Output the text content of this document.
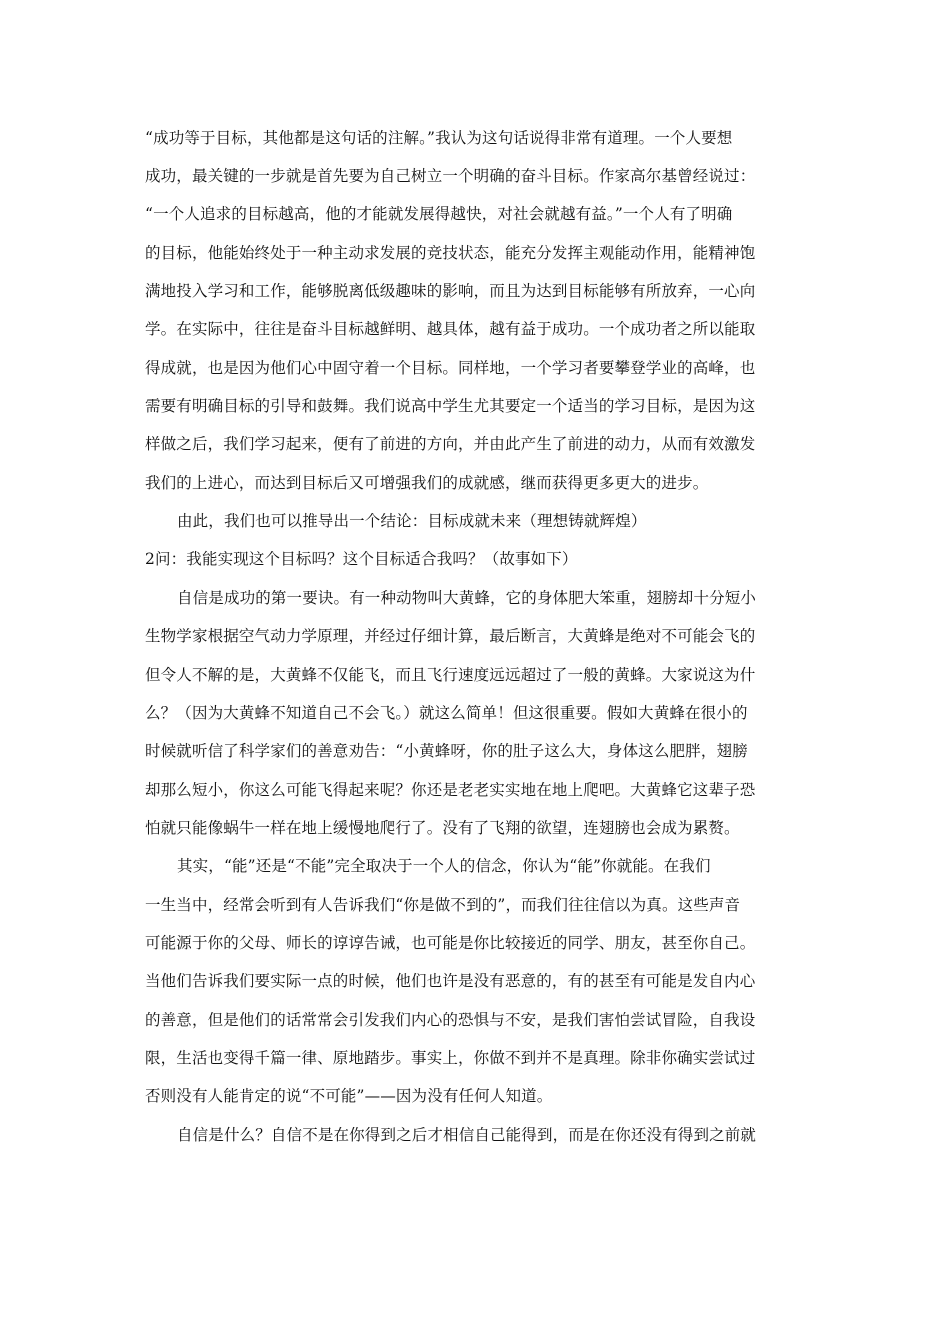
“成功等于目标，其他都是这句话的注解。”我认为这句话说得非常有道理。一个人要想
成功，最关键的一步就是首先要为自己树立一个明确的奋斗目标。作家高尔基曾经说过：
“一个人追求的目标越高，他的才能就发展得越快，对社会就越有益。”一个人有了明确
的目标，他能始终处于一种主动求发展的竞技状态，能充分发挥主观能动作用，能精神饱
满地投入学习和工作，能够脱离低级趣味的影响，而且为达到目标能够有所放弃，一心向
学。在实际中，往往是奋斗目标越鲜明、越具体，越有益于成功。一个成功者之所以能取
得成就，也是因为他们心中固守着一个目标。同样地，一个学习者要攀登学业的高峰，也
需要有明确目标的引导和鼓舞。我们说高中学生尤其要定一个适当的学习目标，是因为这
样做之后，我们学习起来，便有了前进的方向，并由此产生了前进的动力，从而有效激发
我们的上进心，而达到目标后又可增强我们的成就感，继而获得更多更大的进步。
由此，我们也可以推导出一个结论：目标成就未来（理想铸就辉煌）
2问：我能实现这个目标吗？这个目标适合我吗？（故事如下）
自信是成功的第一要诀。有一种动物叫大黄蜂，它的身体肥大笨重，翅膀却十分短小
生物学家根据空气动力学原理，并经过仔细计算，最后断言，大黄蜂是绝对不可能会飞的
但令人不解的是，大黄蜂不仅能飞，而且飞行速度远远超过了一般的黄蜂。大家说这为什
么？（因为大黄蜂不知道自己不会飞。）就这么简单！但这很重要。假如大黄蜂在很小的
时候就听信了科学家们的善意劝告：“小黄蜂呀，你的肚子这么大，身体这么肥胖，翅膀
却那么短小，你这么可能飞得起来呢？你还是老老实实地在地上爬吧。大黄蜂它这辈子恐
怕就只能像蜗牛一样在地上缓慢地爬行了。没有了飞翔的欲望，连翅膀也会成为累赘。
其实，“能”还是“不能”完全取决于一个人的信念，你认为“能”你就能。在我们
一生当中，经常会听到有人告诉我们“你是做不到的”，而我们往往信以为真。这些声音
可能源于你的父母、师长的谆谆告诫，也可能是你比较接近的同学、朋友，甚至你自己。
当他们告诉我们要实际一点的时候，他们也许是没有恶意的，有的甚至有可能是发自内心
的善意，但是他们的话常常会引发我们内心的恐惧与不安，是我们害怕尝试冒险，自我设
限，生活也变得千篇一律、原地踏步。事实上，你做不到并不是真理。除非你确实尝试过
否则没有人能肯定的说“不可能”——因为没有任何人知道。
自信是什么？自信不是在你得到之后才相信自己能得到，而是在你还没有得到之前就
